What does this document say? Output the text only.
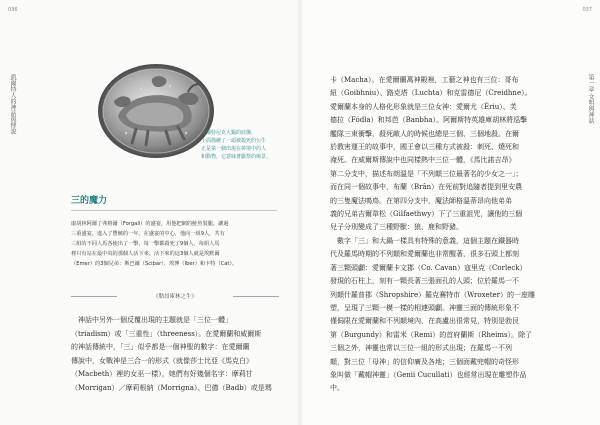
036
凱爾特人的神話與傳說	古爾特尼克大鍋的底盤，
上面描繪了一頭被殺死的公牛
正是第一個出現在夢境中的人
和動物，它意味著獻祭的場景。
三的魔力
康胡林阿爾了弗格爾（Forgall）的盛宴，用他把網的鮭魚裝腿，讓過
三重盛宴，進入了豐饒的一年。在盛宴的中心，他向一組9人，共有
三組的不同人馬各使出了一擊，每一擊都殺死了9個人，每組人馬
裡只有站在最中央的那個人活下來。活下來的這3個人就是埃默爾
（Emer）的3個兄弟：斯巴爾（Scibar）、埃博（Iber）和卡特（Cat）。
《勒昂庫林之牛》
　神話中另外一個反覆出現的主題就是「三位一體」
（triadism）或「三重性」（threeness）。在愛爾蘭和威爾斯
的神話傳統中，「三」似乎都是一個神聖的數字：在愛爾蘭
傳說中，女戰神是三合一的形式（就像莎士比亞《馬克白》
（Macbeth）裡的女巫一樣），她們有好幾個名字：摩莉甘
（Morrigan）／摩莉根納（Morrigna）、巴德（Badb）或是瑪
037
第一章 文明與神話
卡（Macha）。在愛爾蘭萬神殿裡，工藝之神也有三位：哥布
紐（Goibhniu）、路克塔（Luchta）和克雷德尼（Creidhne）。
愛爾蘭本身的人格化形象就是三位女神：愛爾尤（Ériu）、芙
德拉（Fódla）和邦芭（Banbha）。阿爾斯特英雄庫胡林將巡擊
艦隊三束衝擊，殺死敵人的時候也總是三個、三個地殺。在爾
於教害運王的故事中，國王會以三種方式被殺：刺死、燒死和
淹死。在威爾斯傳說中也同樣熱中三位一體，《馬比諾吉昂》
第二分支中，描述布朗溫是「不列顛三位最著名的少女之一」；
而在同一個故事中，布蘭（Brân）在死前對追隨者提到里安農
的三隻魔法鳴鳥。在第四分支中，魔法師格溫蒂昂向他弟弟
義的兄弟吉爾韋松（Gilfaethwy）下了三重詛咒，讓他的三個
兒子分別變成了三種野獸：狼、鹿和野豬。
　數字「三」和大鍋一樣具有特殊的意義，這個主題在鐵器時
代及羅馬時期的不列顛和愛爾蘭也非常醒著，很多石頭上都刻
著三顆頭顱：愛爾蘭卡文郡（Co. Cavan）寇里克（Corleck）
發現的石柱上，刻有一顆長著三張面孔的人頭；位於羅馬一不
列顛什羅普郡（Shropshire）羅克賽特市（Wroxeter）的一座雕
塑，呈現了三顆一模一樣的相連頭顱。神靈三面的傳統形象不
僅侷限在愛爾蘭和不列顛境內，在高盧出很常見，特別是勃艮
第（Burgundy）和雷米（Remi）的首府蘭斯（Rheims）。除了
三個之外，神靈也常以三位一組的形式出現；在羅馬一不列
顛，對三位「母神」的信仰廣及各地；三個面戴兜帽的奇怪形
象叫做「戴帽神靈」（Genii Cucullati）也經常出現在雕塑作品
中。
